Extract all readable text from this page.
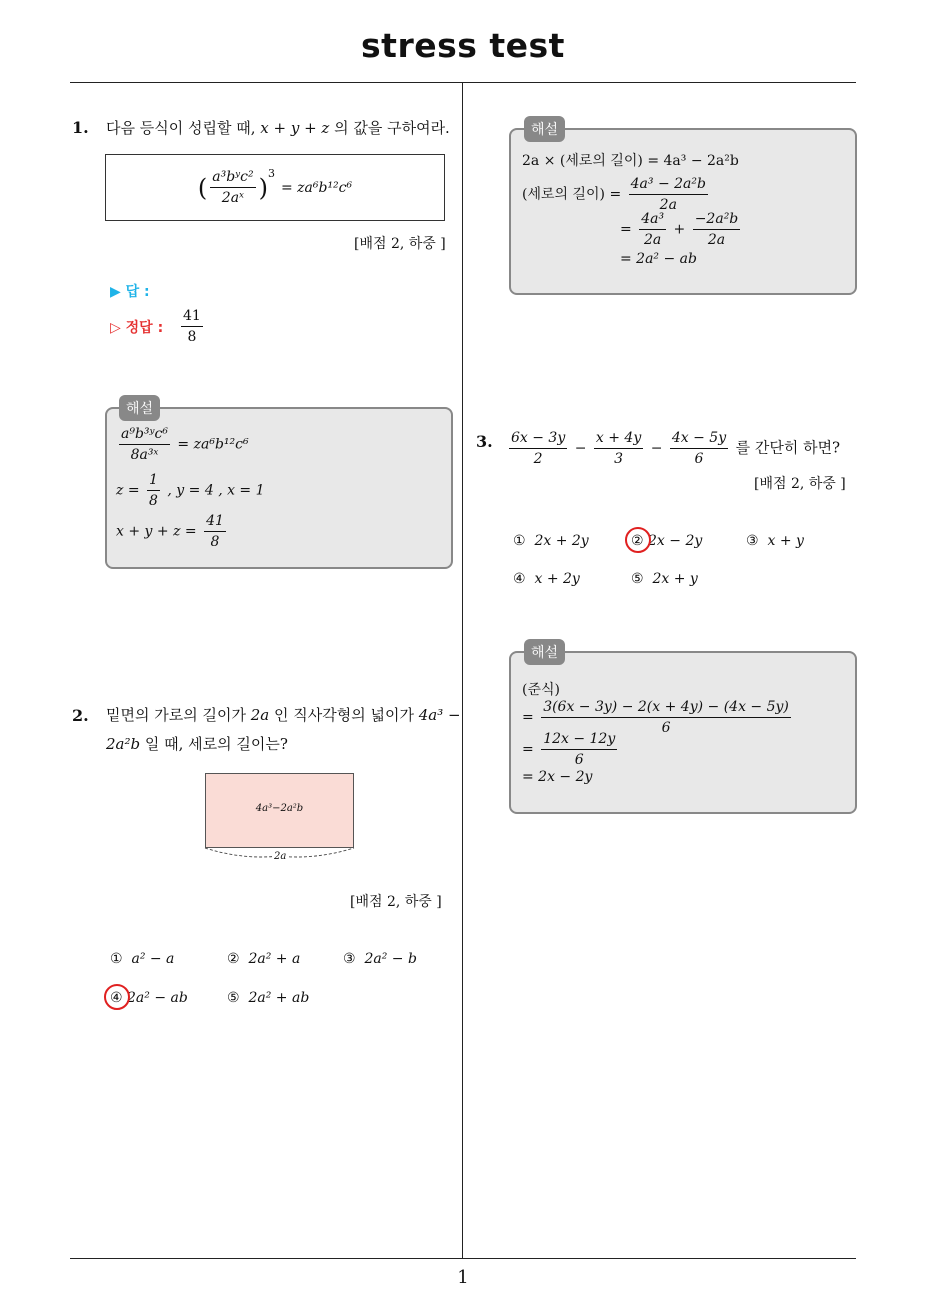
stress test
1
1. 다음 등식이 성립할 때, x + y + z 의 값을 구하여라.
( $\frac{\text{a³bʸc²}}{\text{2aˣ}}$ ) 3
= za⁶b¹²c⁶
[배점 2, 하중 ]
▶ 답 :
▷ 정답 : $\frac{41}{8}$
해설
$\frac{\text{a⁹b³ʸc⁶}}{\text{8a³ˣ}} = za^6b^{12}c^6$
$z = \frac{1}{8}$ , y = 4 , x = 1
$x + y + z = \frac{41}{8}$
2. 밑면의 가로의 길이가 2a 인 직사각형의 넓이가 4a³ −
2a²b 일 때, 세로의 길이는?
4a³−2a²b
2a
[배점 2, 하중 ]
① a² − a	② 2a² + a	③ 2a² − b
④ 2a² − ab	⑤ 2a² + ab
해설
2a × (세로의 길이) = 4a³ − 2a²b
(세로의 길이) = $\frac{\text{4a³ − 2a²b}}{2a}$
= $\frac{\text{4a³}}{2a} + \frac{\text{−2a²b}}{2a}$
= 2a² − ab
3. $\frac{6x - 3y}{2} - \frac{x + 4y}{3} - \frac{4x - 5y}{6}$ 를 간단히 하면?
[배점 2, 하중 ]
① 2x + 2y	② 2x − 2y	③ x + y
④ x + 2y	⑤ 2x + y
해설
(준식)
= $\frac{3(6x - 3y) - 2(x + 4y) - (4x - 5y)}{6}$
= $\frac{12x - 12y}{6}$
= 2x − 2y
